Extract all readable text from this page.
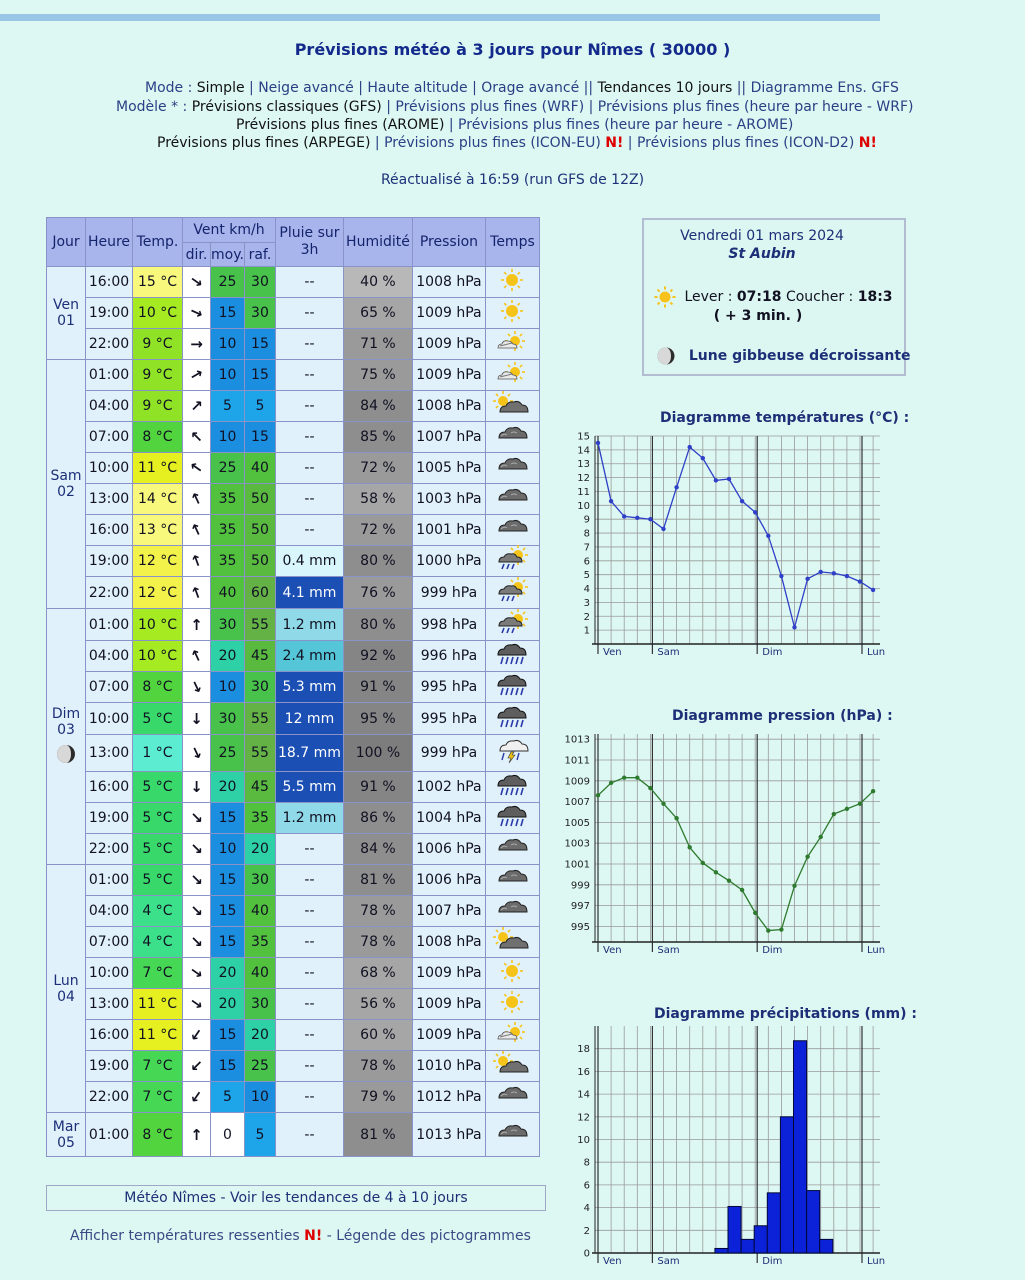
Prévisions météo à 3 jours pour Nîmes ( 30000 )
Mode : Simple | Neige avancé | Haute altitude | Orage avancé || Tendances 10 jours || Diagramme Ens. GFS
Modèle * : Prévisions classiques (GFS) | Prévisions plus fines (WRF) | Prévisions plus fines (heure par heure - WRF)
Prévisions plus fines (AROME) | Prévisions plus fines (heure par heure - AROME)
Prévisions plus fines (ARPEGE) | Prévisions plus fines (ICON-EU) N! | Prévisions plus fines (ICON-D2) N!
Réactualisé à 16:59 (run GFS de 12Z)
Jour	Heure	Temp.	Vent km/h			Pluie sur 3h	Humidité	Pression	Temps
			dir.	moy.	raf.				

Ven
01	16:00	15 °C	↘	25	30	--	40 %	1008 hPa	
	19:00	10 °C	↘	15	30	--	65 %	1009 hPa	
	22:00	9 °C	→	10	15	--	71 %	1009 hPa	

Sam
02	01:00	9 °C	↗	10	15	--	75 %	1009 hPa	
	04:00	9 °C	↗	5	5	--	84 %	1008 hPa	
	07:00	8 °C	↖	10	15	--	85 %	1007 hPa	
	10:00	11 °C	↖	25	40	--	72 %	1005 hPa	
	13:00	14 °C	↖	35	50	--	58 %	1003 hPa	
	16:00	13 °C	↖	35	50	--	72 %	1001 hPa	
	19:00	12 °C	↖	35	50	0.4 mm	80 %	1000 hPa	
	22:00	12 °C	↖	40	60	4.1 mm	76 %	999 hPa	

Dim
03	01:00	10 °C	↑	30	55	1.2 mm	80 %	998 hPa	
	04:00	10 °C	↖	20	45	2.4 mm	92 %	996 hPa	
	07:00	8 °C	↘	10	30	5.3 mm	91 %	995 hPa	
	10:00	5 °C	↓	30	55	12 mm	95 %	995 hPa	
	13:00	1 °C	↘	25	55	18.7 mm	100 %	999 hPa	
	16:00	5 °C	↓	20	45	5.5 mm	91 %	1002 hPa	
	19:00	5 °C	↘	15	35	1.2 mm	86 %	1004 hPa	
	22:00	5 °C	↘	10	20	--	84 %	1006 hPa	

Lun
04	01:00	5 °C	↘	15	30	--	81 %	1006 hPa	
	04:00	4 °C	↘	15	40	--	78 %	1007 hPa	
	07:00	4 °C	↘	15	35	--	78 %	1008 hPa	
	10:00	7 °C	↘	20	40	--	68 %	1009 hPa	
	13:00	11 °C	↘	20	30	--	56 %	1009 hPa	
	16:00	11 °C	↙	15	20	--	60 %	1009 hPa	
	19:00	7 °C	↙	15	25	--	78 %	1010 hPa	
	22:00	7 °C	↙	5	10	--	79 %	1012 hPa	

Mar
05	01:00	8 °C	↑	0	5	--	81 %	1013 hPa	
Vendredi 01 mars 2024
St Aubin
Lever : 07:18 Coucher : 18:3
( + 3 min. )
Lune gibbeuse décroissante
Diagramme températures (°C) :
1
2
3
4
5
6
7
8
9
10
11
12
13
14
15
Ven	Sam	Dim	Lun
Diagramme pression (hPa) :
995
997
999
1001
1003
1005
1007
1009
1011
1013
Ven	Sam	Dim	Lun
Diagramme précipitations (mm) :
0
2
4
6
8
10
12
14
16
18
Ven	Sam	Dim	Lun
Météo Nîmes - Voir les tendances de 4 à 10 jours
Afficher températures ressenties N! - Légende des pictogrammes
